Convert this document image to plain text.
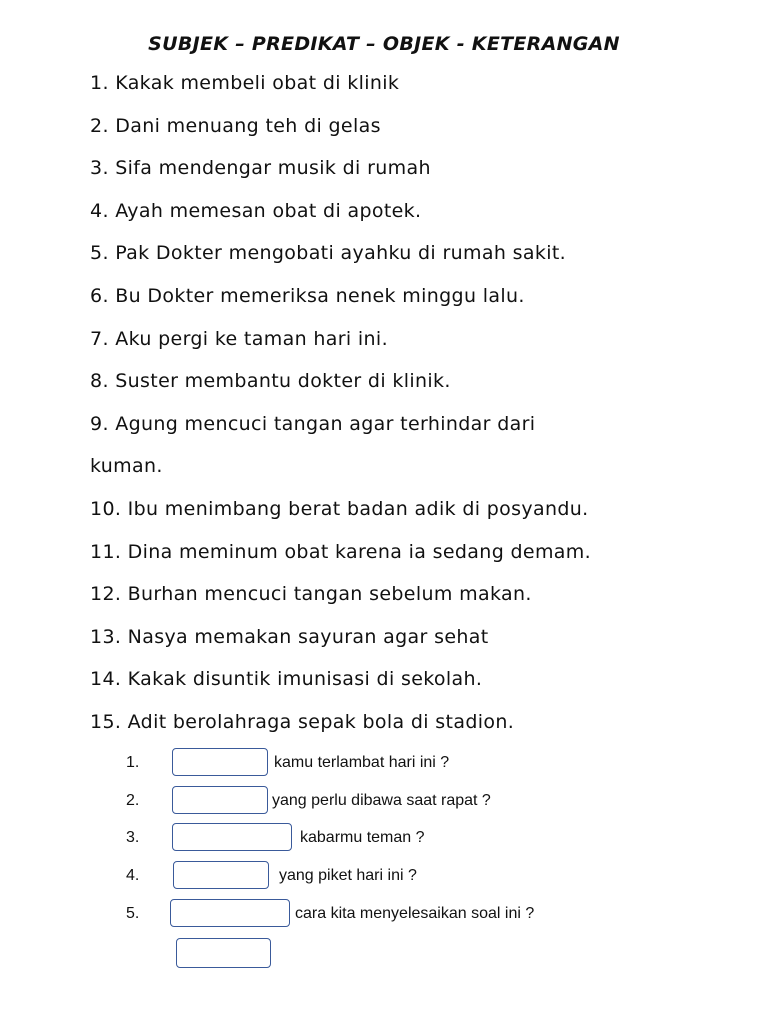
SUBJEK – PREDIKAT – OBJEK - KETERANGAN
1. Kakak membeli obat di klinik
2. Dani menuang teh di gelas
3. Sifa mendengar musik di rumah
4. Ayah memesan obat di apotek.
5. Pak Dokter mengobati ayahku di rumah sakit.
6. Bu Dokter memeriksa nenek minggu lalu.
7. Aku pergi ke taman hari ini.
8. Suster membantu dokter di klinik.
9. Agung mencuci tangan agar terhindar dari
kuman.
10. Ibu menimbang berat badan adik di posyandu.
11. Dina meminum obat karena ia sedang demam.
12. Burhan mencuci tangan sebelum makan.
13. Nasya memakan sayuran agar sehat
14. Kakak disuntik imunisasi di sekolah.
15. Adit berolahraga sepak bola di stadion.
1.	kamu terlambat hari ini ?
2.	yang perlu dibawa saat rapat ?
3.	kabarmu teman ?
4.	yang piket hari ini ?
5.	cara kita menyelesaikan soal ini ?
